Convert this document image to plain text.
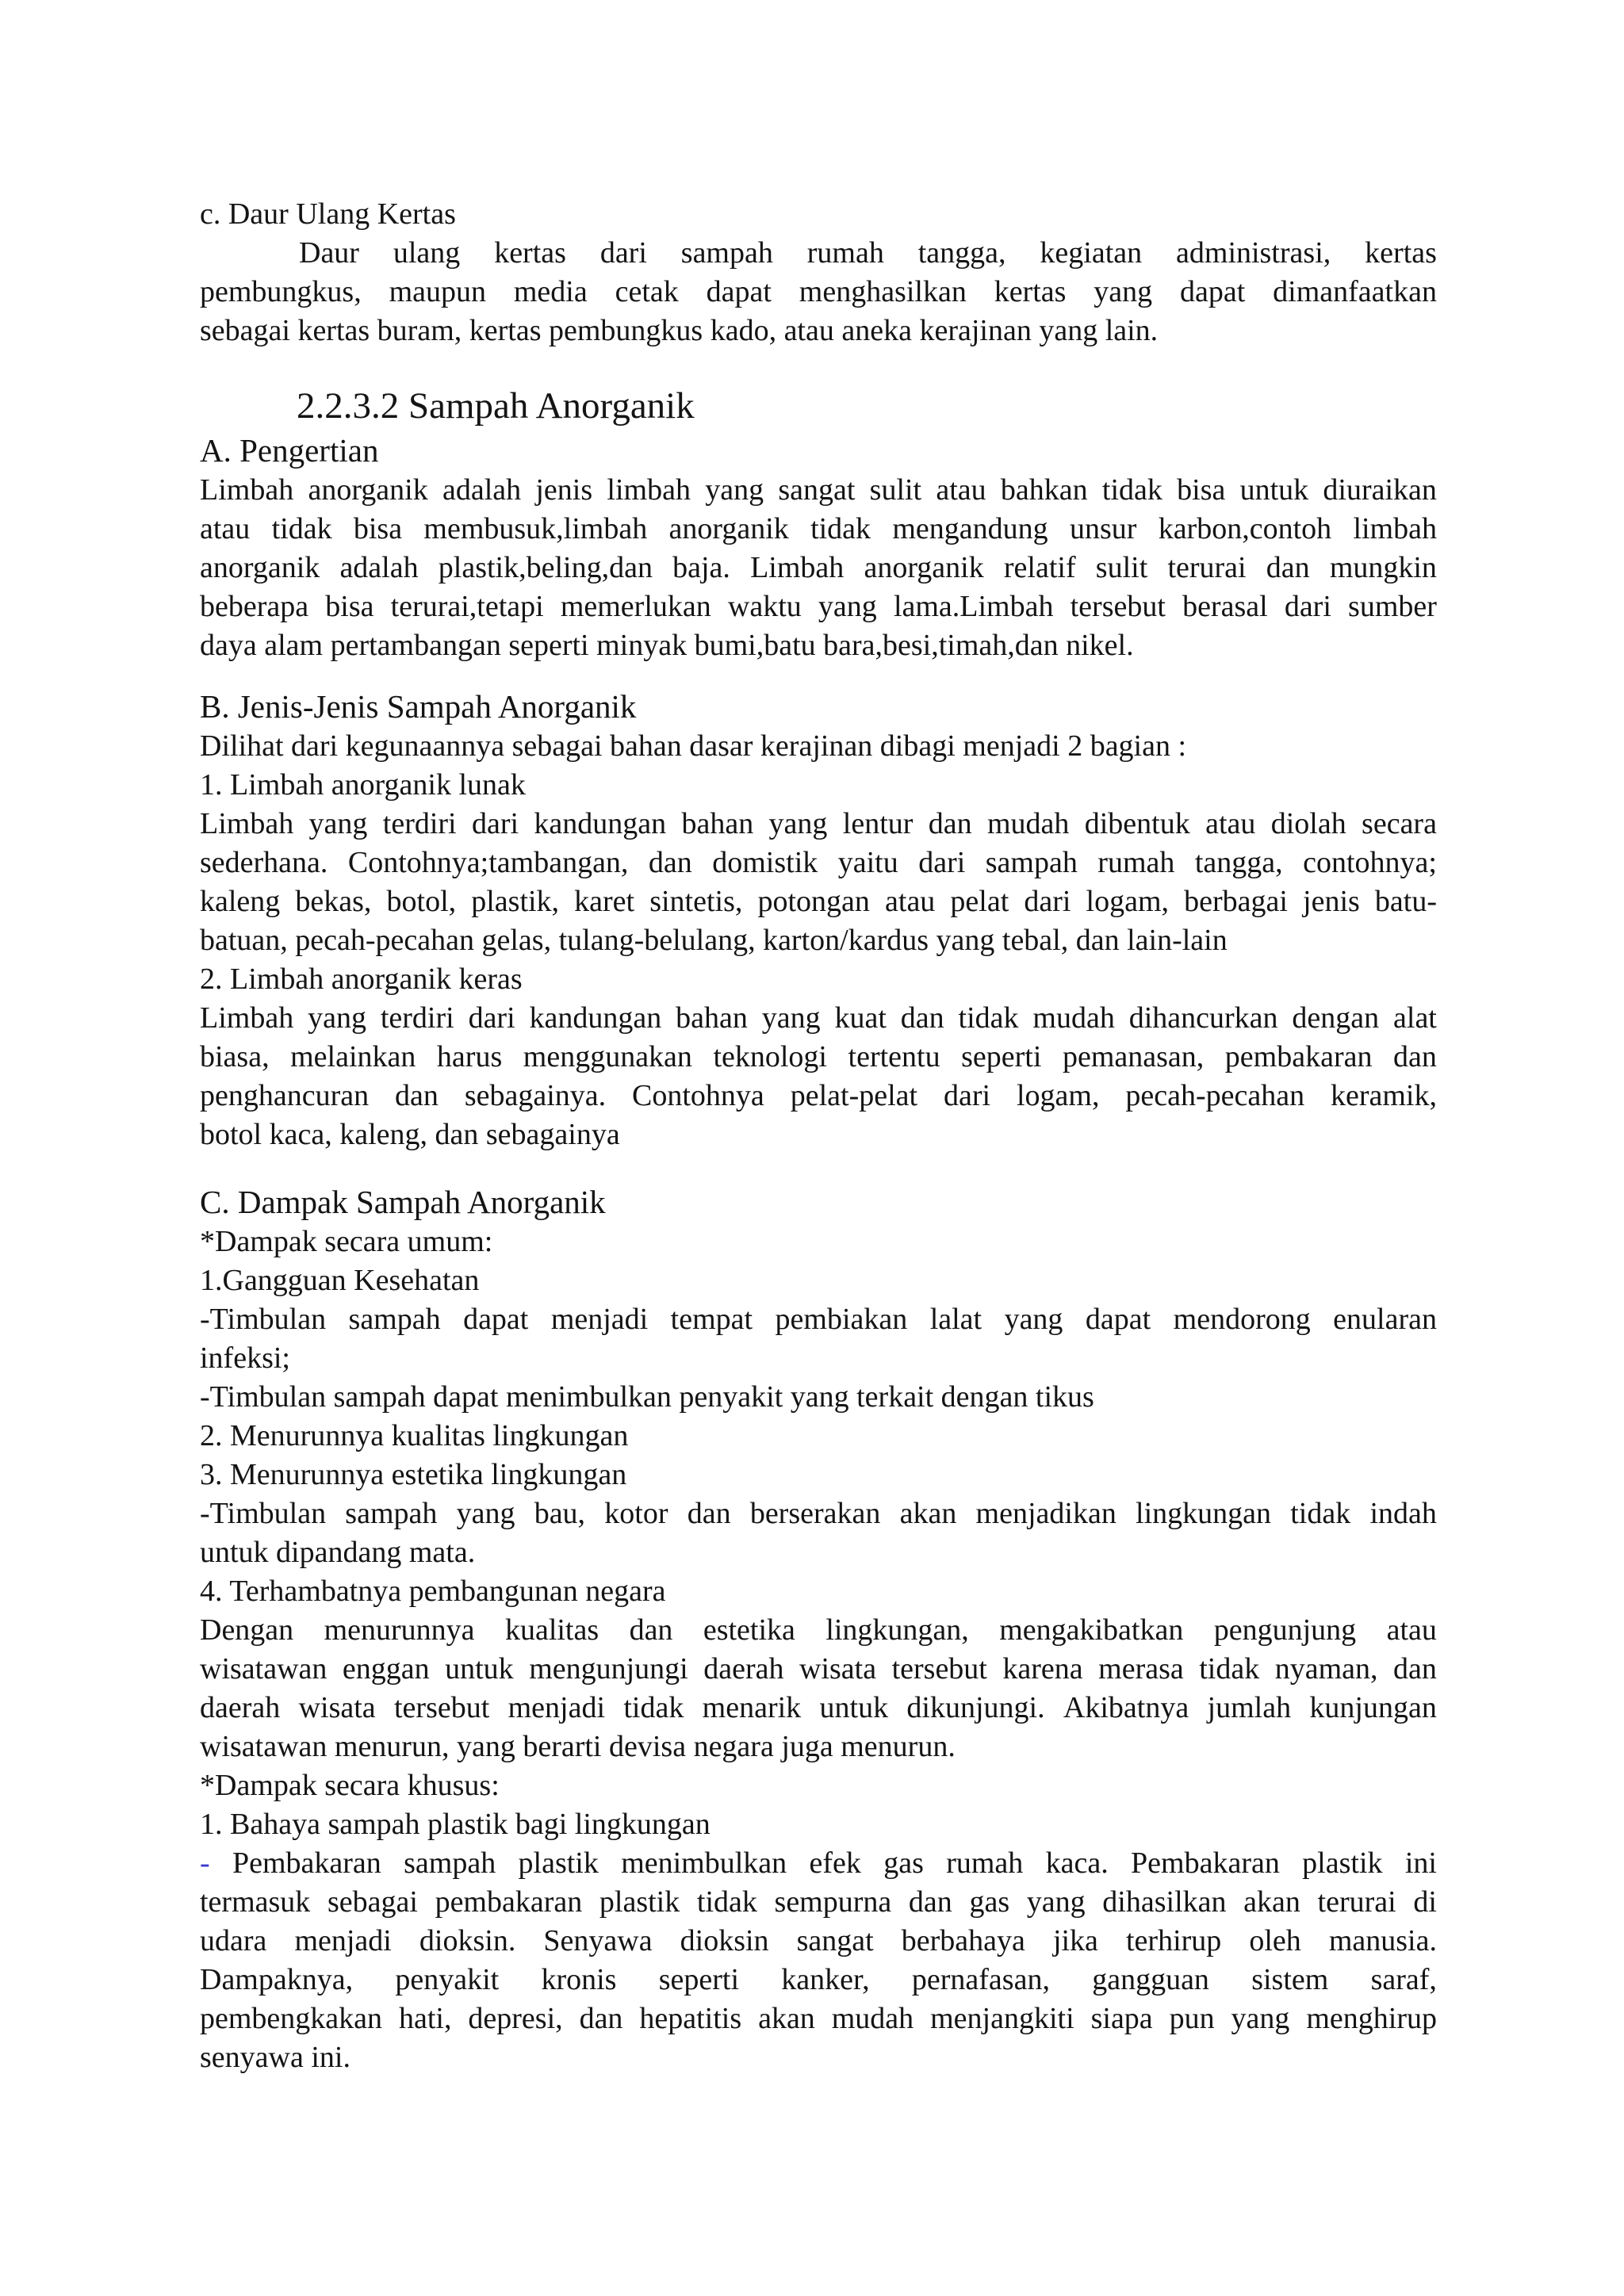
c. Daur Ulang Kertas

Daur ulang kertas dari sampah rumah tangga, kegiatan administrasi, kertas
pembungkus, maupun media cetak dapat menghasilkan kertas yang dapat dimanfaatkan

sebagai kertas buram, kertas pembungkus kado, atau aneka kerajinan yang lain.

2.2.3.2 Sampah Anorganik

A. Pengertian

Limbah anorganik adalah jenis limbah yang sangat sulit atau bahkan tidak bisa untuk diuraikan
atau tidak bisa membusuk,limbah anorganik tidak mengandung unsur karbon,contoh limbah
anorganik adalah plastik,beling,dan baja. Limbah anorganik relatif sulit terurai dan mungkin
beberapa bisa terurai,tetapi memerlukan waktu yang lama.Limbah tersebut berasal dari sumber

daya alam pertambangan seperti minyak bumi,batu bara,besi,timah,dan nikel.

B. Jenis-Jenis Sampah Anorganik

Dilihat dari kegunaannya sebagai bahan dasar kerajinan dibagi menjadi 2 bagian :

1. Limbah anorganik lunak

Limbah yang terdiri dari kandungan bahan yang lentur dan mudah dibentuk atau diolah secara
sederhana. Contohnya;tambangan, dan domistik yaitu dari sampah rumah tangga, contohnya;
kaleng bekas, botol, plastik, karet sintetis, potongan atau pelat dari logam, berbagai jenis batu-

batuan, pecah-pecahan gelas, tulang-belulang, karton/kardus yang tebal, dan lain-lain

2. Limbah anorganik keras

Limbah yang terdiri dari kandungan bahan yang kuat dan tidak mudah dihancurkan dengan alat
biasa, melainkan harus menggunakan teknologi tertentu seperti pemanasan, pembakaran dan
penghancuran dan sebagainya. Contohnya pelat-pelat dari logam, pecah-pecahan keramik,

botol kaca, kaleng, dan sebagainya

C. Dampak Sampah Anorganik

*Dampak secara umum:

1.Gangguan Kesehatan

-Timbulan sampah dapat menjadi tempat pembiakan lalat yang dapat mendorong enularan

infeksi;

-Timbulan sampah dapat menimbulkan penyakit yang terkait dengan tikus

2. Menurunnya kualitas lingkungan

3. Menurunnya estetika lingkungan

-Timbulan sampah yang bau, kotor dan berserakan akan menjadikan lingkungan tidak indah

untuk dipandang mata.

4. Terhambatnya pembangunan negara

Dengan menurunnya kualitas dan estetika lingkungan, mengakibatkan pengunjung atau
wisatawan enggan untuk mengunjungi daerah wisata tersebut karena merasa tidak nyaman, dan
daerah wisata tersebut menjadi tidak menarik untuk dikunjungi. Akibatnya jumlah kunjungan

wisatawan menurun, yang berarti devisa negara juga menurun.

*Dampak secara khusus:

1. Bahaya sampah plastik bagi lingkungan

- Pembakaran sampah plastik menimbulkan efek gas rumah kaca. Pembakaran plastik ini
termasuk sebagai pembakaran plastik tidak sempurna dan gas yang dihasilkan akan terurai di
udara menjadi dioksin. Senyawa dioksin sangat berbahaya jika terhirup oleh manusia.
Dampaknya, penyakit kronis seperti kanker, pernafasan, gangguan sistem saraf,
pembengkakan hati, depresi, dan hepatitis akan mudah menjangkiti siapa pun yang menghirup

senyawa ini.
